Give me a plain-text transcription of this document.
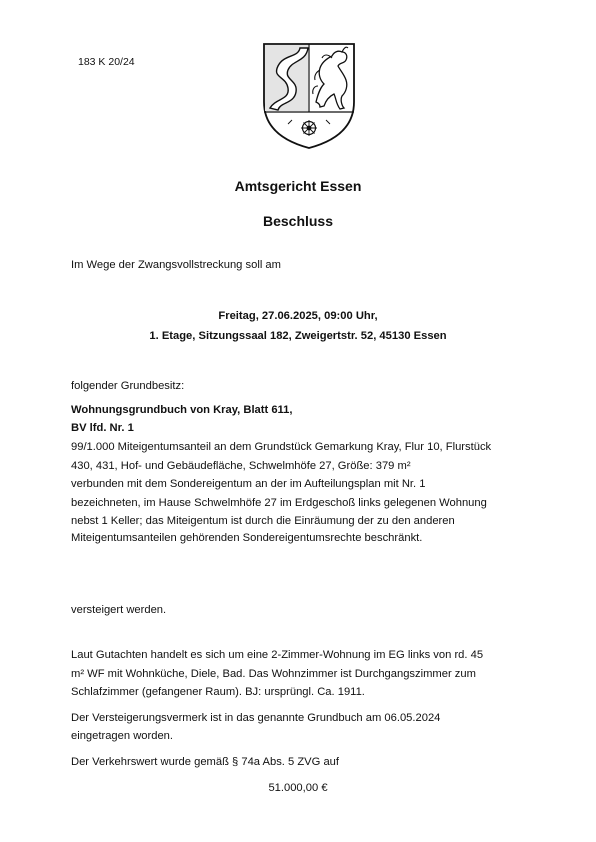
183 K 20/24
Amtsgericht Essen
Beschluss
Im Wege der Zwangsvollstreckung soll am
Freitag, 27.06.2025, 09:00 Uhr,
1. Etage, Sitzungssaal 182, Zweigertstr. 52, 45130 Essen
folgender Grundbesitz:
Wohnungsgrundbuch von Kray, Blatt 611,
BV lfd. Nr. 1
99/1.000 Miteigentumsanteil an dem Grundstück Gemarkung Kray, Flur 10, Flurstück
430, 431, Hof- und Gebäudefläche, Schwelmhöfe 27, Größe: 379 m²
verbunden mit dem Sondereigentum an der im Aufteilungsplan mit Nr. 1
bezeichneten, im Hause Schwelmhöfe 27 im Erdgeschoß links gelegenen Wohnung
nebst 1 Keller; das Miteigentum ist durch die Einräumung der zu den anderen
Miteigentumsanteilen gehörenden Sondereigentumsrechte beschränkt.
versteigert werden.
Laut Gutachten handelt es sich um eine 2-Zimmer-Wohnung im EG links von rd. 45
m² WF mit Wohnküche, Diele, Bad. Das Wohnzimmer ist Durchgangszimmer zum
Schlafzimmer (gefangener Raum). BJ: ursprüngl. Ca. 1911.
Der Versteigerungsvermerk ist in das genannte Grundbuch am 06.05.2024
eingetragen worden.
Der Verkehrswert wurde gemäß § 74a Abs. 5 ZVG auf
51.000,00 €
